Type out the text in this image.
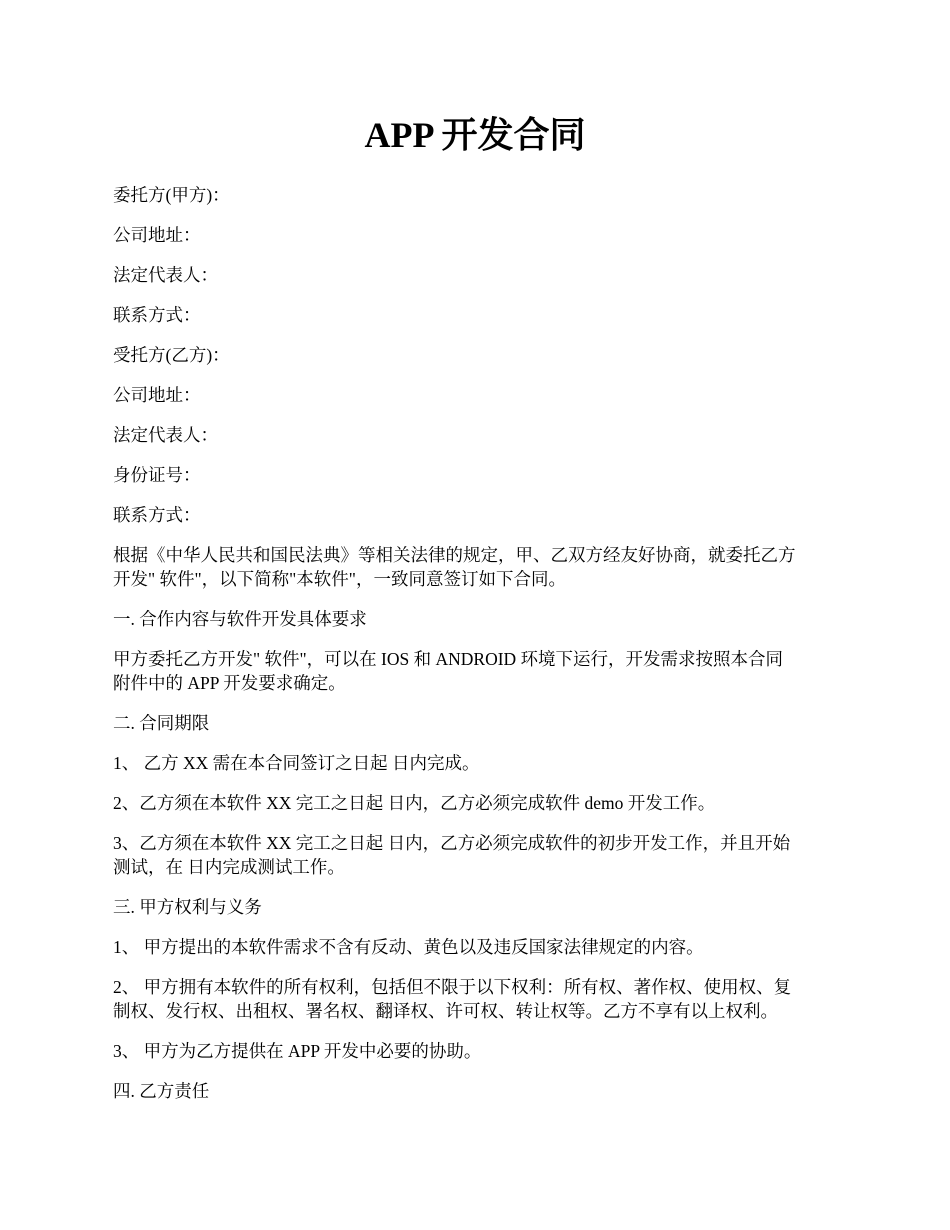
APP 开发合同

委托方(甲方)：

公司地址：

法定代表人：

联系方式：

受托方(乙方)：

公司地址：

法定代表人：

身份证号：

联系方式：

根据《中华人民共和国民法典》等相关法律的规定，甲、乙双方经友好协商，就委托乙方
开发" 软件"，以下简称"本软件"，一致同意签订如下合同。

一. 合作内容与软件开发具体要求

甲方委托乙方开发" 软件"，可以在 IOS 和 ANDROID 环境下运行，开发需求按照本合同
附件中的 APP 开发要求确定。

二. 合同期限

1、 乙方 XX 需在本合同签订之日起 日内完成。

2、乙方须在本软件 XX 完工之日起 日内，乙方必须完成软件 demo 开发工作。

3、乙方须在本软件 XX 完工之日起 日内，乙方必须完成软件的初步开发工作，并且开始
测试，在 日内完成测试工作。

三. 甲方权利与义务

1、 甲方提出的本软件需求不含有反动、黄色以及违反国家法律规定的内容。

2、 甲方拥有本软件的所有权利，包括但不限于以下权利：所有权、著作权、使用权、复
制权、发行权、出租权、署名权、翻译权、许可权、转让权等。乙方不享有以上权利。

3、 甲方为乙方提供在 APP 开发中必要的协助。

四. 乙方责任
